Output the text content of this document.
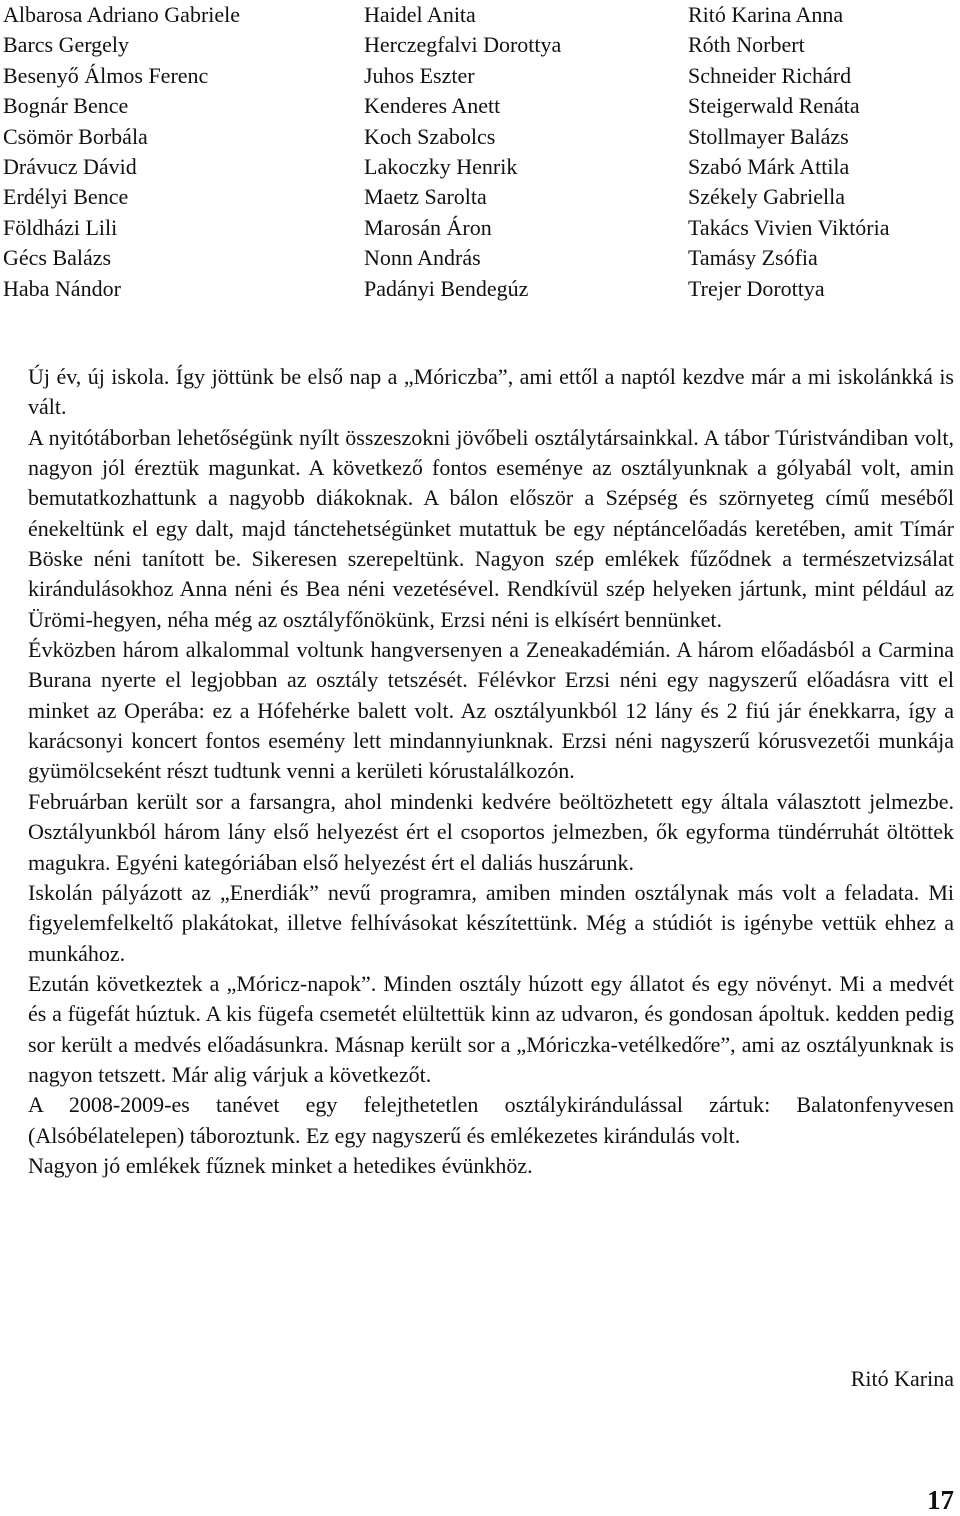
Albarosa Adriano Gabriele
Barcs Gergely
Besenyő Álmos Ferenc
Bognár Bence
Csömör Borbála
Drávucz Dávid
Erdélyi Bence
Földházi Lili
Gécs Balázs
Haba Nándor
Haidel Anita
Herczegfalvi Dorottya
Juhos Eszter
Kenderes Anett
Koch Szabolcs
Lakoczky Henrik
Maetz Sarolta
Marosán Áron
Nonn András
Padányi Bendegúz
Ritó Karina Anna
Róth Norbert
Schneider Richárd
Steigerwald Renáta
Stollmayer Balázs
Szabó Márk Attila
Székely Gabriella
Takács Vivien Viktória
Tamásy Zsófia
Trejer Dorottya

Új év, új iskola. Így jöttünk be első nap a „Móriczba”, ami ettől a naptól kezdve már a mi iskolánkká is vált.

A nyitótáborban lehetőségünk nyílt összeszokni jövőbeli osztálytársainkkal. A tábor Túristvándiban volt, nagyon jól éreztük magunkat. A következő fontos eseménye az osztályunknak a gólyabál volt, amin bemutatkozhattunk a nagyobb diákoknak. A bálon először a Szépség és szörnyeteg című meséből énekeltünk el egy dalt, majd tánctehetségünket mutattuk be egy néptáncelőadás keretében, amit Tímár Böske néni tanított be. Sikeresen szerepeltünk. Nagyon szép emlékek fűződnek a természetvizsálat kirándulásokhoz Anna néni és Bea néni vezetésével. Rendkívül szép helyeken jártunk, mint például az Ürömi-hegyen, néha még az osztályfőnökünk, Erzsi néni is elkísért bennünket.

Évközben három alkalommal voltunk hangversenyen a Zeneakadémián. A három előadásból a Carmina Burana nyerte el legjobban az osztály tetszését. Félévkor Erzsi néni egy nagyszerű előadásra vitt el minket az Operába: ez a Hófehérke balett volt. Az osztályunkból 12 lány és 2 fiú jár énekkarra, így a karácsonyi koncert fontos esemény lett mindannyiunknak. Erzsi néni nagyszerű kórusvezetői munkája gyümölcseként részt tudtunk venni a kerületi kórustalálkozón.

Februárban került sor a farsangra, ahol mindenki kedvére beöltözhetett egy általa választott jelmezbe. Osztályunkból három lány első helyezést ért el csoportos jelmezben, ők egyforma tündérruhát öltöttek magukra. Egyéni kategóriában első helyezést ért el daliás huszárunk.

Iskolán pályázott az „Enerdiák” nevű programra, amiben minden osztálynak más volt a feladata. Mi figyelemfelkeltő plakátokat, illetve felhívásokat készítettünk. Még a stúdiót is igénybe vettük ehhez a munkához.

Ezután következtek a „Móricz-napok”. Minden osztály húzott egy állatot és egy növényt. Mi a medvét és a fügefát húztuk. A kis fügefa csemetét elültettük kinn az udvaron, és gondosan ápoltuk. kedden pedig sor került a medvés előadásunkra. Másnap került sor a „Móriczka-vetélkedőre”, ami az osztályunknak is nagyon tetszett. Már alig várjuk a következőt.

A 2008-2009-es tanévet egy felejthetetlen osztálykirándulással zártuk: Balatonfenyvesen (Alsóbélatelepen) táboroztunk. Ez egy nagyszerű és emlékezetes kirándulás volt.

Nagyon jó emlékek fűznek minket a hetedikes évünkhöz.

Ritó Karina
17
